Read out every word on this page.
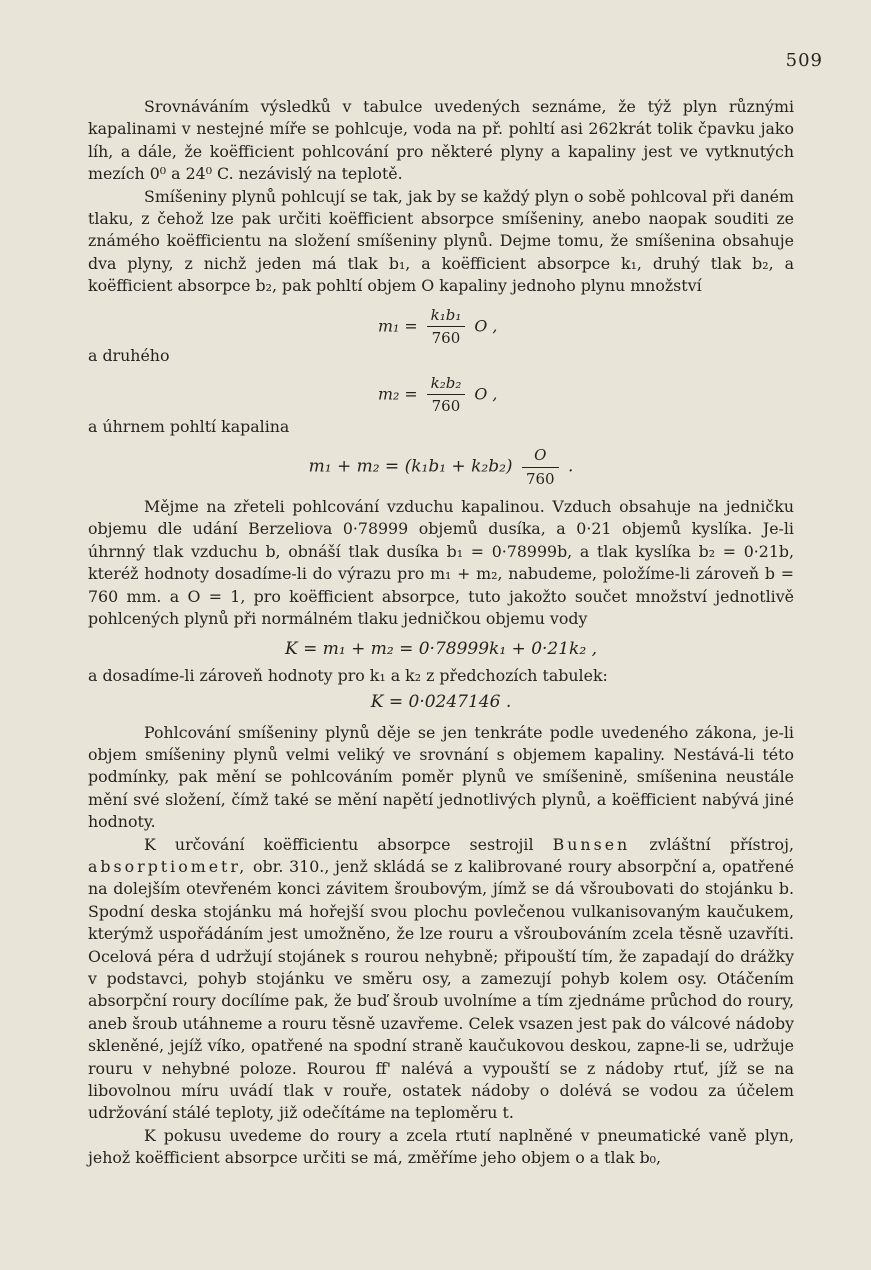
509

Srovnáváním výsledků v tabulce uvedených seznáme, že týž plyn různými kapalinami v nestejné míře se pohlcuje, voda na př. pohltí asi 262krát tolik čpavku jako líh, a dále, že koëfficient pohlcování pro některé plyny a kapaliny jest ve vytknutých mezích 0⁰ a 24⁰ C. nezávislý na teplotě.

Smíšeniny plynů pohlcují se tak, jak by se každý plyn o sobě pohlcoval při daném tlaku, z čehož lze pak určiti koëfficient absorpce smíšeniny, anebo naopak souditi ze známého koëfficientu na složení smíšeniny plynů. Dejme tomu, že smíšenina obsahuje dva plyny, z nichž jeden má tlak b₁, a koëfficient absorpce k₁, druhý tlak b₂, a koëfficient absorpce b₂, pak pohltí objem O kapaliny jednoho plynu množství

$m_1 = \frac{\text{k₁b₁}}{760}$ O ,
a druhého
$m_2 = \frac{\text{k₂b₂}}{760}$ O ,
a úhrnem pohltí kapalina
$m_1 + m_2 = (k_1b_1 + k_2b_2) \frac{O}{760}$ .

Mějme na zřeteli pohlcování vzduchu kapalinou. Vzduch obsahuje na jedničku objemu dle udání Berzeliova 0·78999 objemů dusíka, a 0·21 objemů kyslíka. Je-li úhrnný tlak vzduchu b, obnáší tlak dusíka b₁ = 0·78999b, a tlak kyslíka b₂ = 0·21b, kteréž hodnoty dosadíme-li do výrazu pro m₁ + m₂, nabudeme, položíme-li zároveň b = 760 mm. a O = 1, pro koëfficient absorpce, tuto jakožto součet množství jednotlivě pohlcených plynů při normálném tlaku jedničkou objemu vody

K = m₁ + m₂ = 0·78999k₁ + 0·21k₂ ,

a dosadíme-li zároveň hodnoty pro k₁ a k₂ z předchozích tabulek:

K = 0·0247146 .

Pohlcování smíšeniny plynů děje se jen tenkráte podle uvedeného zákona, je-li objem smíšeniny plynů velmi veliký ve srovnání s objemem kapaliny. Nestává-li této podmínky, pak mění se pohlcováním poměr plynů ve smíšenině, smíšenina neustále mění své složení, čímž také se mění napětí jednotlivých plynů, a koëfficient nabývá jiné hodnoty.

K určování koëfficientu absorpce sestrojil Bunsen zvláštní přístroj, absorptiometr, obr. 310., jenž skládá se z kalibrované roury absorpční a, opatřené na dolejším otevřeném konci závitem šroubovým, jímž se dá všroubovati do stojánku b. Spodní deska stojánku má hořejší svou plochu povlečenou vulkanisovaným kaučukem, kterýmž uspořádáním jest umožněno, že lze rouru a všroubováním zcela těsně uzavříti. Ocelová péra d udržují stojánek s rourou nehybně; připouští tím, že zapadají do drážky v podstavci, pohyb stojánku ve směru osy, a zamezují pohyb kolem osy. Otáčením absorpční roury docílíme pak, že buď šroub uvolníme a tím zjednáme průchod do roury, aneb šroub utáhneme a rouru těsně uzavřeme. Celek vsazen jest pak do válcové nádoby skleněné, jejíž víko, opatřené na spodní straně kaučukovou deskou, zapne-li se, udržuje rouru v nehybné poloze. Rourou ff' nalévá a vypouští se z nádoby rtuť, jíž se na libovolnou míru uvádí tlak v rouře, ostatek nádoby o dolévá se vodou za účelem udržování stálé teploty, již odečítáme na teploměru t.

K pokusu uvedeme do roury a zcela rtutí naplněné v pneumatické vaně plyn, jehož koëfficient absorpce určiti se má, změříme jeho objem o a tlak b₀,
